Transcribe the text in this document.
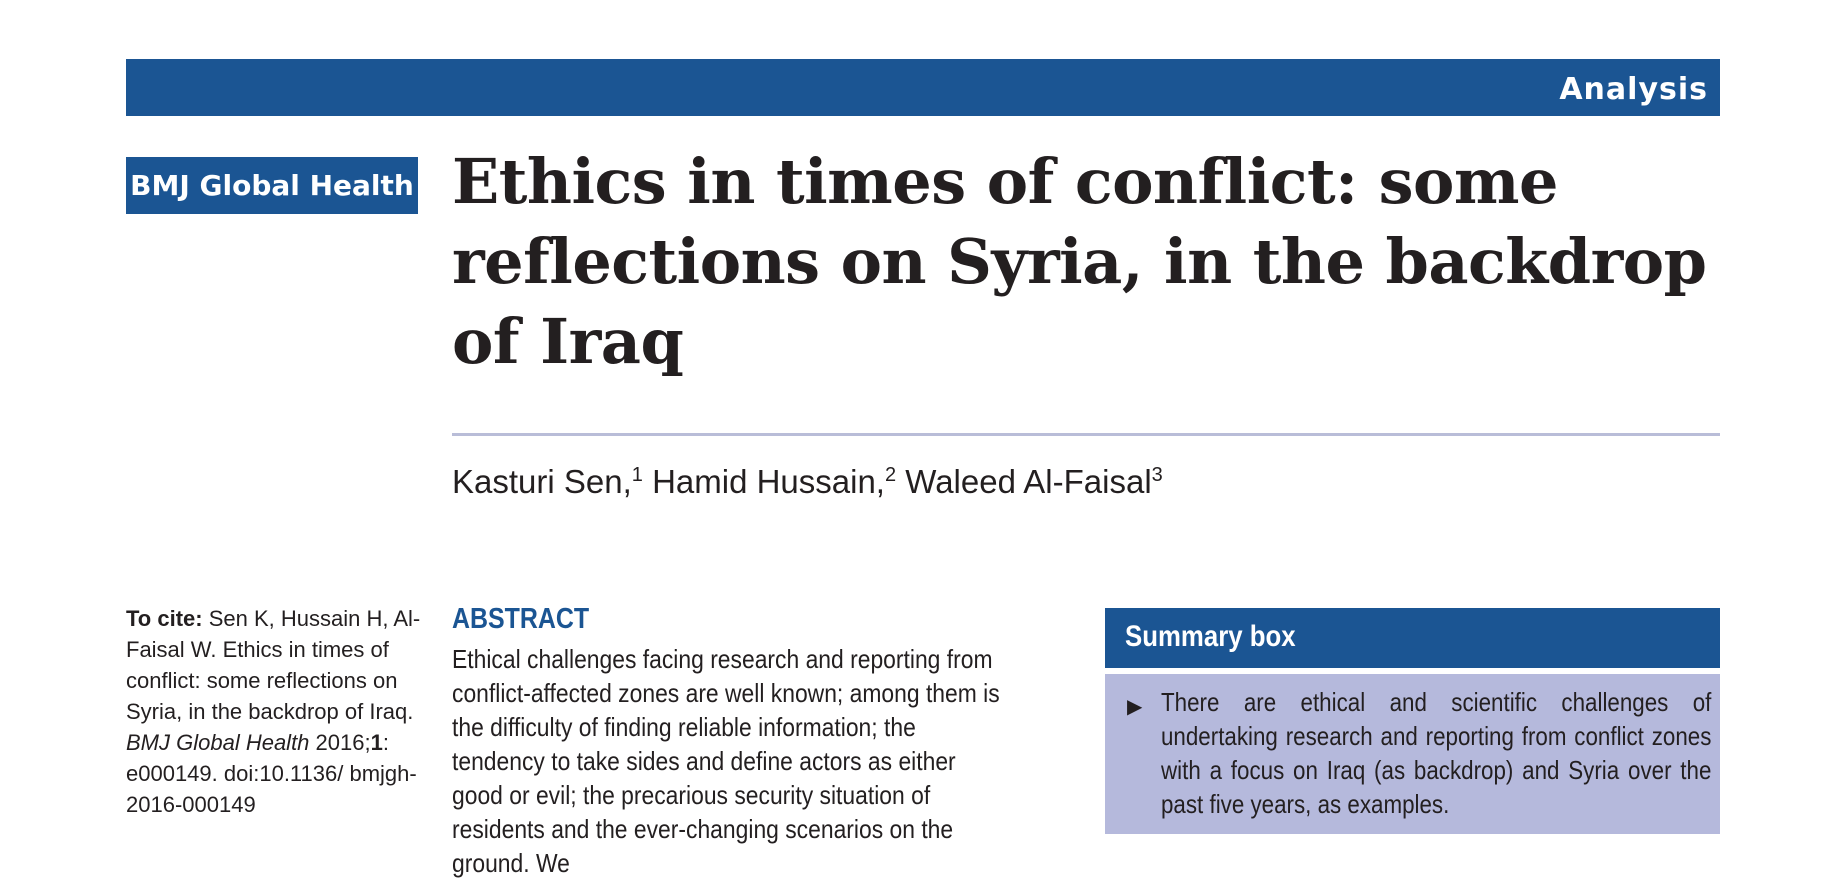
Analysis
BMJ Global Health Ethics in times of conflict: some
reflections on Syria, in the backdrop
of Iraq
Kasturi Sen,$^1$ Hamid Hussain,$^2$ Waleed Al-Faisal$^3$
To cite: Sen K, Hussain H, Al-Faisal W. Ethics in times of conflict: some reflections on Syria, in the backdrop of Iraq. BMJ Global Health 2016;1: e000149. doi:10.1136/ bmjgh-2016-000149
ABSTRACT

Ethical challenges facing research and reporting from conflict-affected zones are well known; among them is the difficulty of finding reliable information; the tendency to take sides and define actors as either good or evil; the precarious security situation of residents and the ever-changing scenarios on the ground. We

Summary box
▶ There are ethical and scientific challenges of undertaking research and reporting from conflict zones with a focus on Iraq (as backdrop) and Syria over the past five years, as examples.
